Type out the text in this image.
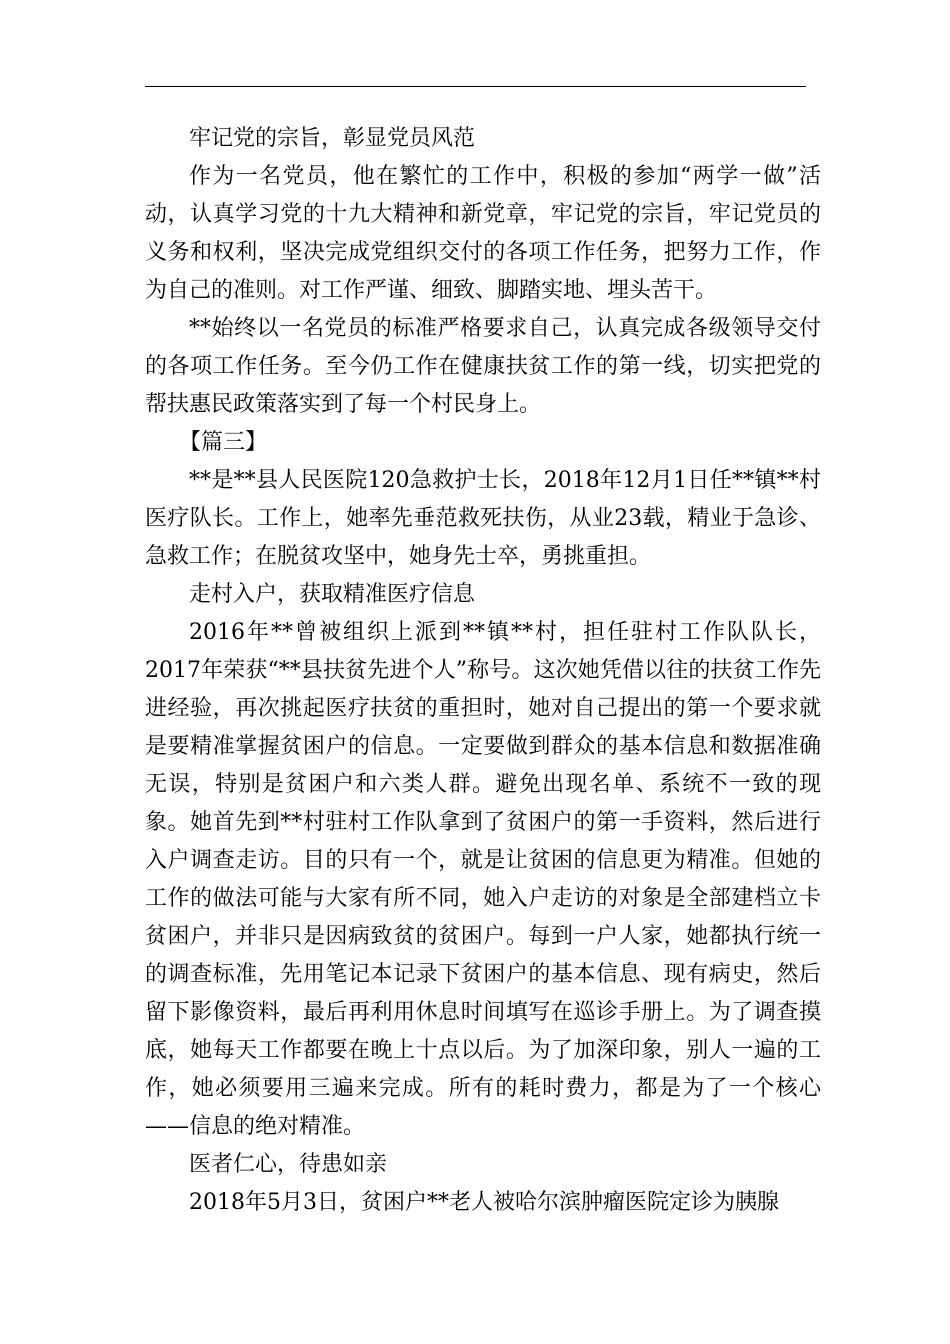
牢记党的宗旨，彰显党员风范

作为一名党员，他在繁忙的工作中，积极的参加“两学一做”活动，认真学习党的十九大精神和新党章，牢记党的宗旨，牢记党员的义务和权利，坚决完成党组织交付的各项工作任务，把努力工作，作为自己的准则。对工作严谨、细致、脚踏实地、埋头苦干。

**始终以一名党员的标准严格要求自己，认真完成各级领导交付的各项工作任务。至今仍工作在健康扶贫工作的第一线，切实把党的帮扶惠民政策落实到了每一个村民身上。

【篇三】

**是**县人民医院120急救护士长，2018年12月1日任**镇**村医疗队长。工作上，她率先垂范救死扶伤，从业23载，精业于急诊、急救工作；在脱贫攻坚中，她身先士卒，勇挑重担。

走村入户，获取精准医疗信息

2016年**曾被组织上派到**镇**村，担任驻村工作队队长，2017年荣获“**县扶贫先进个人”称号。这次她凭借以往的扶贫工作先进经验，再次挑起医疗扶贫的重担时，她对自己提出的第一个要求就是要精准掌握贫困户的信息。一定要做到群众的基本信息和数据准确无误，特别是贫困户和六类人群。避免出现名单、系统不一致的现象。她首先到**村驻村工作队拿到了贫困户的第一手资料，然后进行入户调查走访。目的只有一个，就是让贫困的信息更为精准。但她的工作的做法可能与大家有所不同，她入户走访的对象是全部建档立卡贫困户，并非只是因病致贫的贫困户。每到一户人家，她都执行统一的调查标准，先用笔记本记录下贫困户的基本信息、现有病史，然后留下影像资料，最后再利用休息时间填写在巡诊手册上。为了调查摸底，她每天工作都要在晚上十点以后。为了加深印象，别人一遍的工作，她必须要用三遍来完成。所有的耗时费力，都是为了一个核心——信息的绝对精准。

医者仁心，待患如亲

2018年5月3日，贫困户**老人被哈尔滨肿瘤医院定诊为胰腺
